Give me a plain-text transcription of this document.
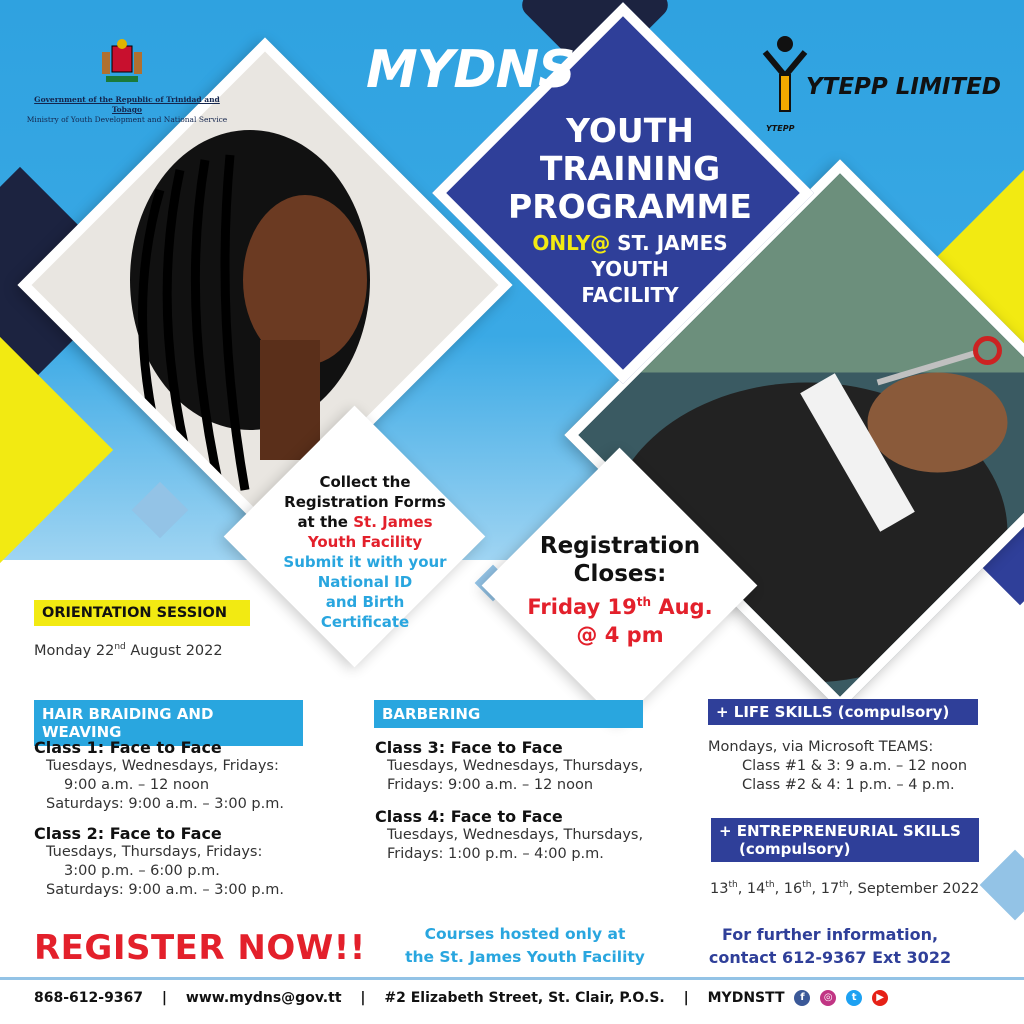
YOUTH
TRAINING
PROGRAMME
ONLY@ ST. JAMES
YOUTH
FACILITY
Government of the Republic of Trinidad and Tobago
Ministry of Youth Development and National Service
MYDNS
YTEPP
YTEPP LIMITED
Collect the
Registration Forms
at the St. James
Youth Facility
Submit it with your
National ID
and Birth
Certificate
Registration
Closes:
Friday 19th Aug.
@ 4 pm
ORIENTATION SESSION
Monday 22nd August 2022
HAIR BRAIDING AND WEAVING
Class 1: Face to Face
Tuesdays, Wednesdays, Fridays:
9:00 a.m. – 12 noon
Saturdays: 9:00 a.m. – 3:00 p.m.
Class 2: Face to Face
Tuesdays, Thursdays, Fridays:
3:00 p.m. – 6:00 p.m.
Saturdays: 9:00 a.m. – 3:00 p.m.
BARBERING
Class 3: Face to Face
Tuesdays, Wednesdays, Thursdays,
Fridays: 9:00 a.m. – 12 noon
Class 4: Face to Face
Tuesdays, Wednesdays, Thursdays,
Fridays: 1:00 p.m. – 4:00 p.m.
+ LIFE SKILLS (compulsory)
Mondays, via Microsoft TEAMS:
Class #1 & 3: 9 a.m. – 12 noon
Class #2 & 4: 1 p.m. – 4 p.m.
+ ENTREPRENEURIAL SKILLS
(compulsory)
13th, 14th, 16th, 17th, September 2022
REGISTER NOW!!	Courses hosted only at
the St. James Youth Facility
For further information,
contact 612-9367 Ext 3022
868-612-9367 | www.mydns@gov.tt | #2 Elizabeth Street, St. Clair, P.O.S. | MYDNSTT f ◎ t ▶
